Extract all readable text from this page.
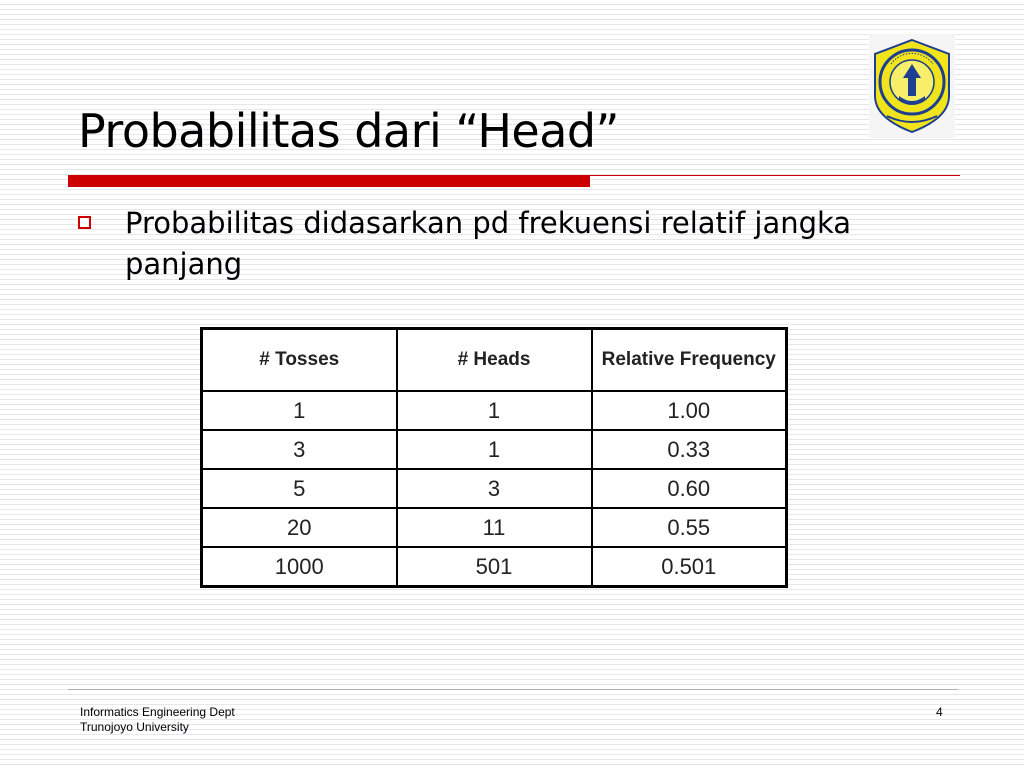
Probabilitas dari “Head”
Probabilitas didasarkan pd frekuensi relatif jangka panjang
# Tosses	# Heads	Relative Frequency
1	1	1.00
3	1	0.33
5	3	0.60
20	11	0.55
1000	501	0.501
Informatics Engineering Dept
Trunojoyo University
4
